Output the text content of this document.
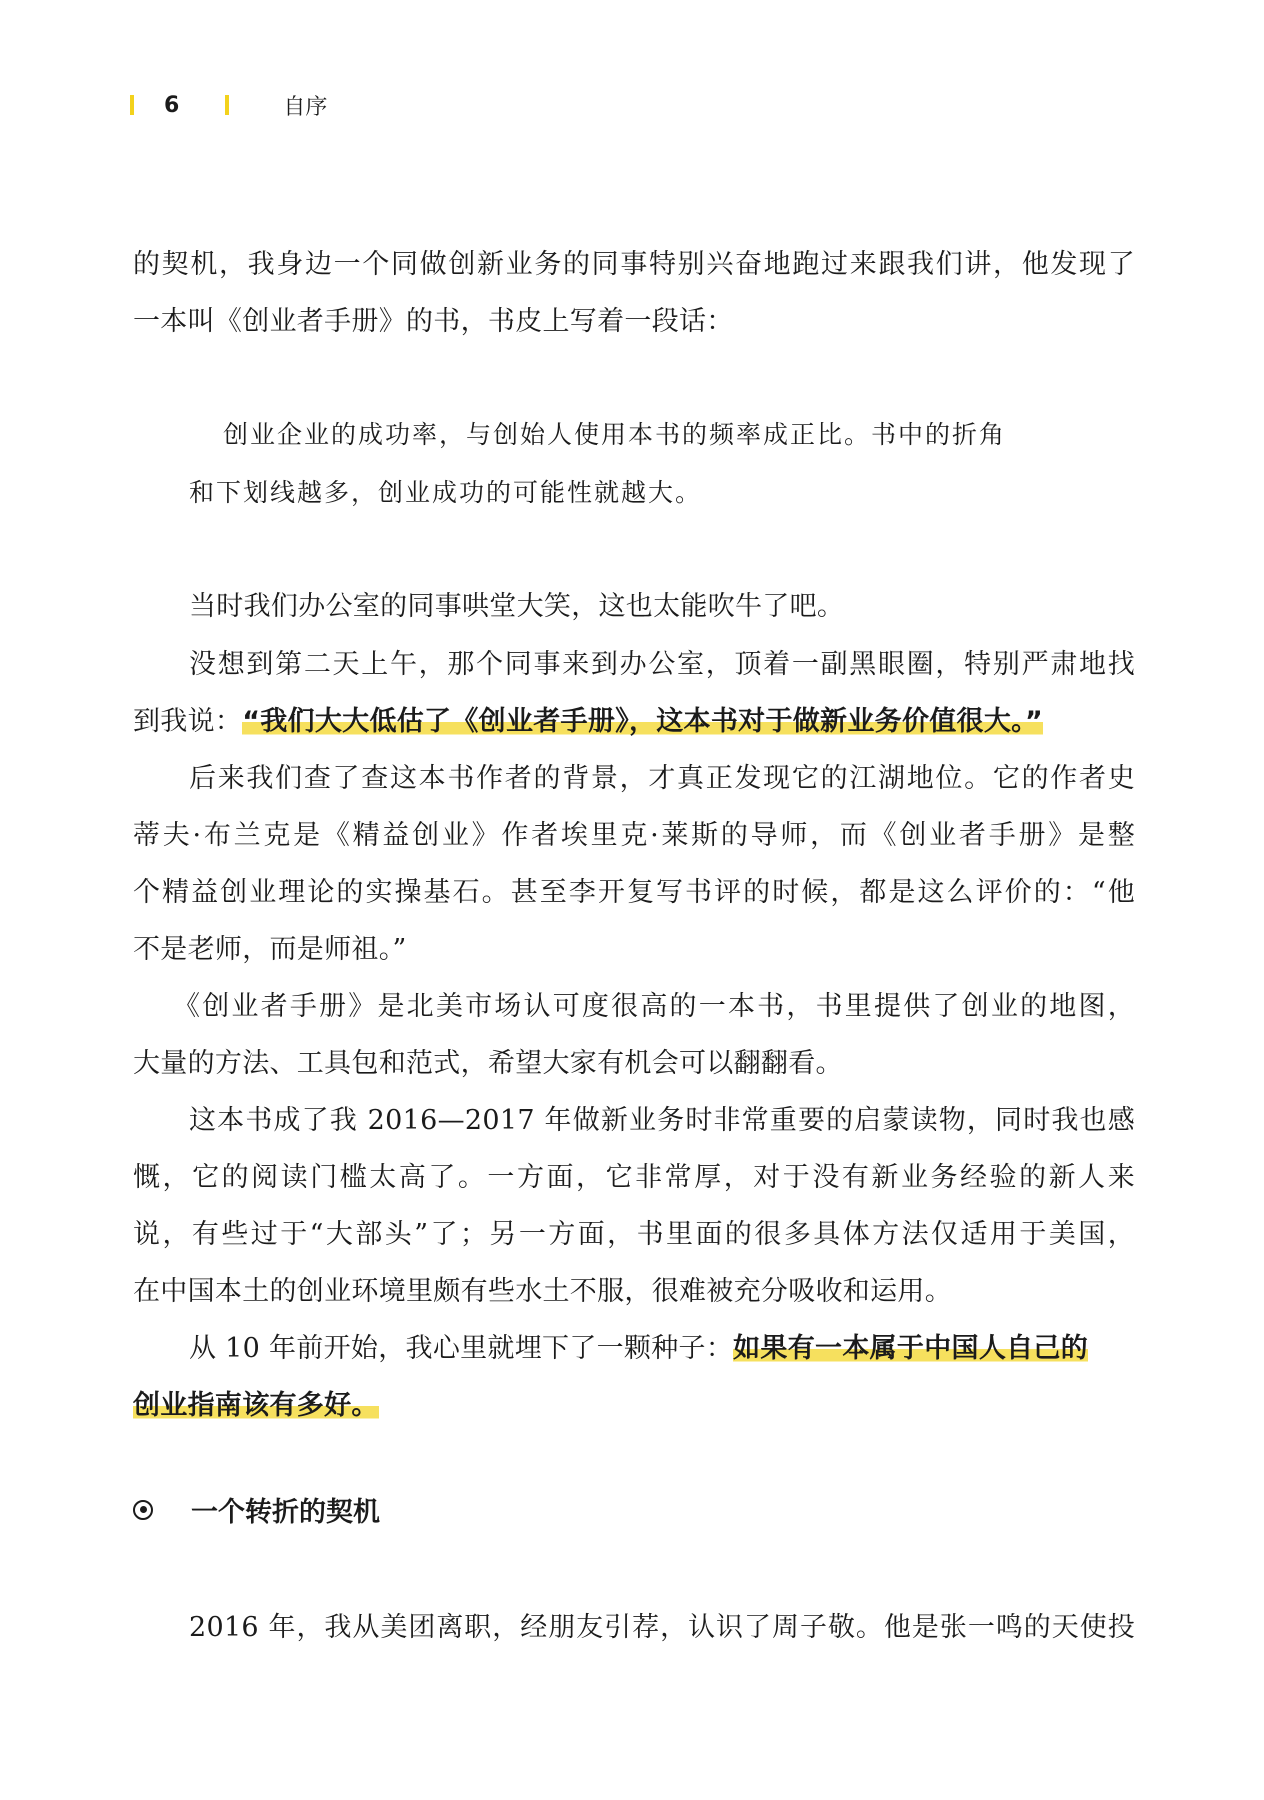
6	自序
的契机，我身边一个同做创新业务的同事特别兴奋地跑过来跟我们讲，他发现了
一本叫《创业者手册》的书，书皮上写着一段话：
创业企业的成功率，与创始人使用本书的频率成正比。书中的折角
和下划线越多，创业成功的可能性就越大。
当时我们办公室的同事哄堂大笑，这也太能吹牛了吧。
没想到第二天上午，那个同事来到办公室，顶着一副黑眼圈，特别严肃地找
到我说：“我们大大低估了《创业者手册》，这本书对于做新业务价值很大。”
后来我们查了查这本书作者的背景，才真正发现它的江湖地位。它的作者史
蒂夫·布兰克是《精益创业》作者埃里克·莱斯的导师，而《创业者手册》是整
个精益创业理论的实操基石。甚至李开复写书评的时候，都是这么评价的：“他
不是老师，而是师祖。”
《创业者手册》是北美市场认可度很高的一本书，书里提供了创业的地图，
大量的方法、工具包和范式，希望大家有机会可以翻翻看。
这本书成了我 2016—2017 年做新业务时非常重要的启蒙读物，同时我也感
慨，它的阅读门槛太高了。一方面，它非常厚，对于没有新业务经验的新人来
说，有些过于“大部头”了；另一方面，书里面的很多具体方法仅适用于美国，
在中国本土的创业环境里颇有些水土不服，很难被充分吸收和运用。
从 10 年前开始，我心里就埋下了一颗种子：如果有一本属于中国人自己的
创业指南该有多好。
2016 年，我从美团离职，经朋友引荐，认识了周子敬。他是张一鸣的天使投
一个转折的契机
